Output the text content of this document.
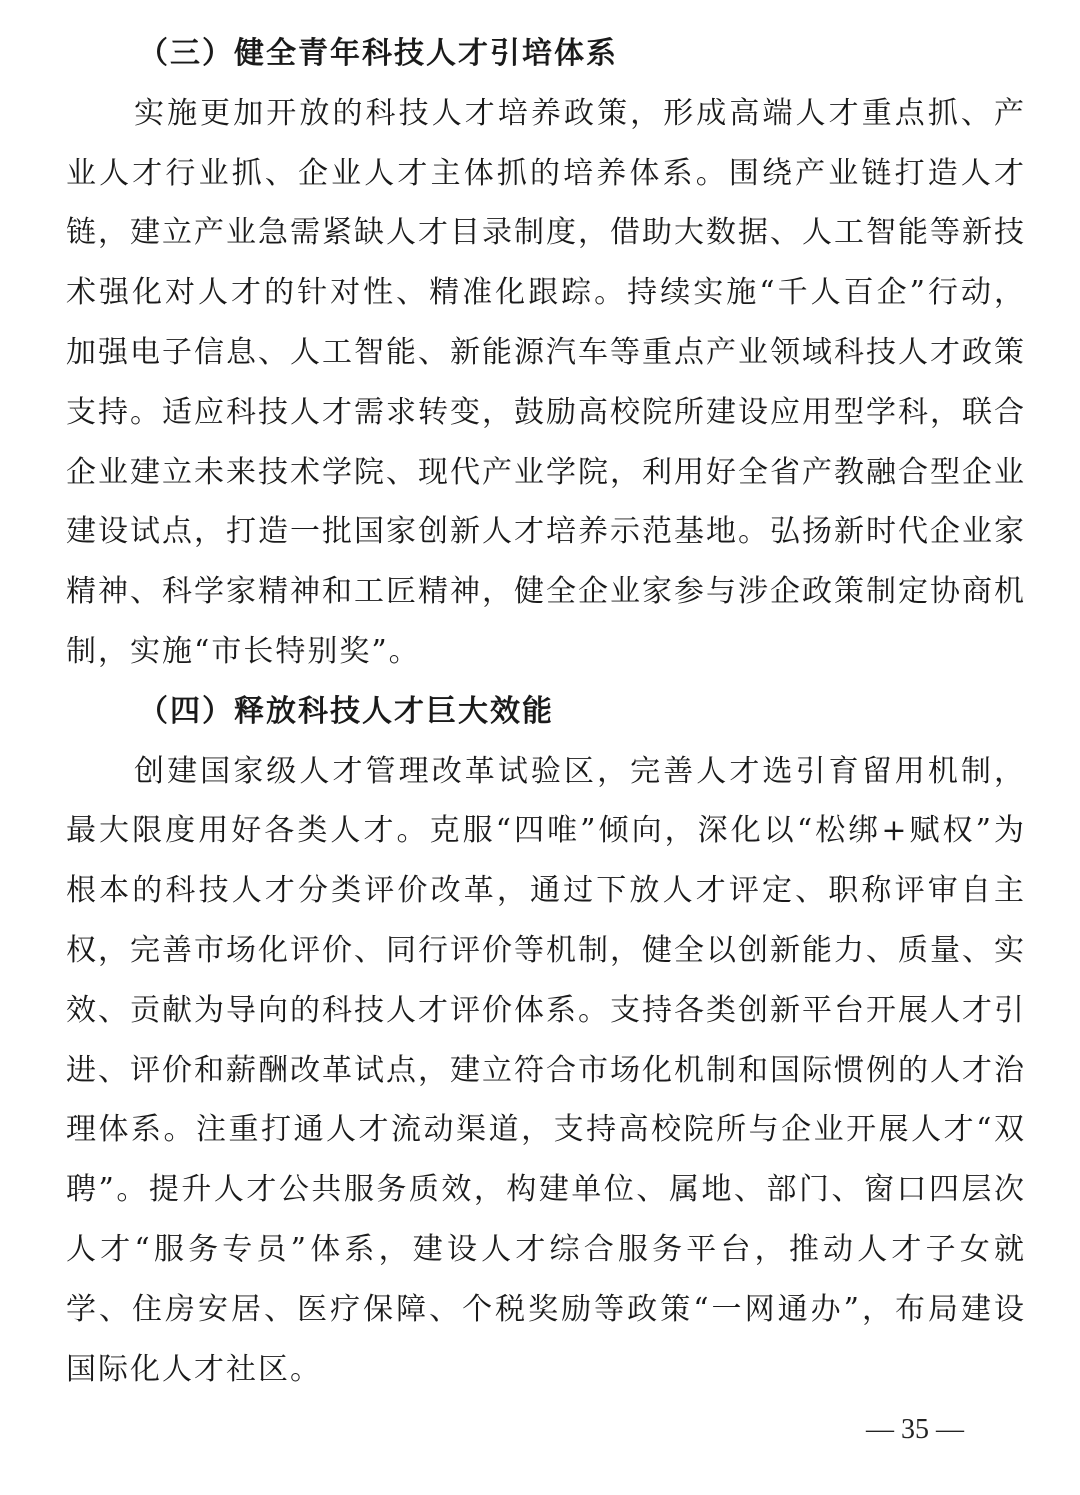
（三）健全青年科技人才引培体系

实施更加开放的科技人才培养政策，形成高端人才重点抓、产业人才行业抓、企业人才主体抓的培养体系。围绕产业链打造人才链，建立产业急需紧缺人才目录制度，借助大数据、人工智能等新技术强化对人才的针对性、精准化跟踪。持续实施“千人百企”行动，加强电子信息、人工智能、新能源汽车等重点产业领域科技人才政策支持。适应科技人才需求转变，鼓励高校院所建设应用型学科，联合企业建立未来技术学院、现代产业学院，利用好全省产教融合型企业建设试点，打造一批国家创新人才培养示范基地。弘扬新时代企业家精神、科学家精神和工匠精神，健全企业家参与涉企政策制定协商机制，实施“市长特别奖”。

（四）释放科技人才巨大效能

创建国家级人才管理改革试验区，完善人才选引育留用机制，最大限度用好各类人才。克服“四唯”倾向，深化以“松绑+赋权”为根本的科技人才分类评价改革，通过下放人才评定、职称评审自主权，完善市场化评价、同行评价等机制，健全以创新能力、质量、实效、贡献为导向的科技人才评价体系。支持各类创新平台开展人才引进、评价和薪酬改革试点，建立符合市场化机制和国际惯例的人才治理体系。注重打通人才流动渠道，支持高校院所与企业开展人才“双聘”。提升人才公共服务质效，构建单位、属地、部门、窗口四层次人才“服务专员”体系，建设人才综合服务平台，推动人才子女就学、住房安居、医疗保障、个税奖励等政策“一网通办”，布局建设国际化人才社区。

— 35 —
